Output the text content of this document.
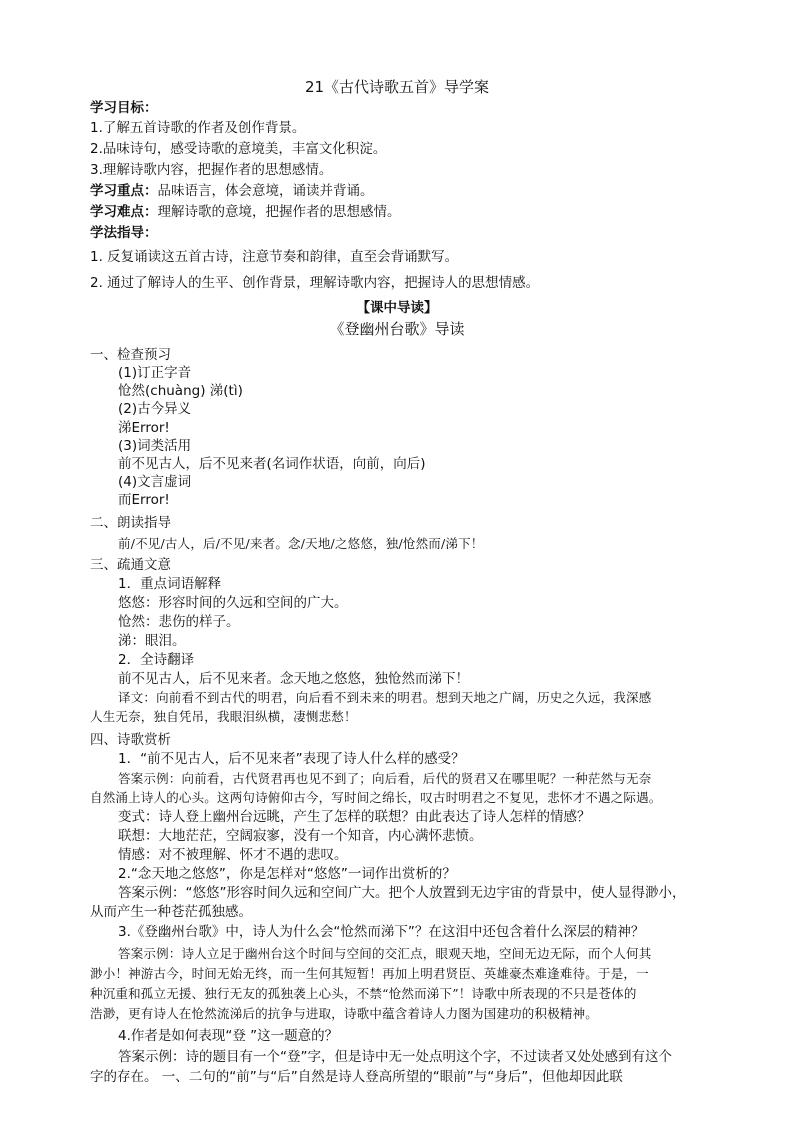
21《古代诗歌五首》导学案
学习目标：
1.了解五首诗歌的作者及创作背景。
2.品味诗句，感受诗歌的意境美，丰富文化积淀。
3.理解诗歌内容，把握作者的思想感情。
学习重点：品味语言，体会意境，诵读并背诵。
学习难点：理解诗歌的意境，把握作者的思想感情。
学法指导：
1. 反复诵读这五首古诗，注意节奏和韵律，直至会背诵默写。
2. 通过了解诗人的生平、创作背景，理解诗歌内容，把握诗人的思想情感。
【课中导读】
《登幽州台歌》导读
一、检查预习
(1)订正字音
怆然(chuàng) 涕(tì)
(2)古今异义
涕Error!
(3)词类活用
前不见古人，后不见来者(名词作状语，向前，向后)
(4)文言虚词
而Error!
二、朗读指导
前/不见/古人，后/不见/来者。念/天地/之悠悠，独/怆然而/涕下！
三、疏通文意
1．重点词语解释
悠悠：形容时间的久远和空间的广大。
怆然：悲伤的样子。
涕：眼泪。
2．全诗翻译
前不见古人，后不见来者。念天地之悠悠，独怆然而涕下！
译文：向前看不到古代的明君，向后看不到未来的明君。想到天地之广阔，历史之久远，我深感
人生无奈，独自凭吊，我眼泪纵横，凄恻悲愁！
四、诗歌赏析
1．“前不见古人，后不见来者”表现了诗人什么样的感受？
答案示例：向前看，古代贤君再也见不到了；向后看，后代的贤君又在哪里呢？一种茫然与无奈
自然涌上诗人的心头。这两句诗俯仰古今，写时间之绵长，叹古时明君之不复见，悲怀才不遇之际遇。
变式：诗人登上幽州台远眺，产生了怎样的联想？由此表达了诗人怎样的情感？
联想：大地茫茫，空阔寂寥，没有一个知音，内心满怀悲愤。
情感：对不被理解、怀才不遇的悲叹。
2.“念天地之悠悠”，你是怎样对“悠悠”一词作出赏析的？
答案示例：“悠悠”形容时间久远和空间广大。把个人放置到无边宇宙的背景中，使人显得渺小，
从而产生一种苍茫孤独感。
3.《登幽州台歌》中，诗人为什么会“怆然而涕下”？在这泪中还包含着什么深层的精神？
答案示例：诗人立足于幽州台这个时间与空间的交汇点，眼观天地，空间无边无际，而个人何其
渺小！神游古今，时间无始无终，而一生何其短暂！再加上明君贤臣、英雄豪杰难逢难待。于是，一
种沉重和孤立无援、独行无友的孤独袭上心头，不禁“怆然而涕下”！诗歌中所表现的不只是苍体的
浩渺，更有诗人在怆然流涕后的抗争与进取，诗歌中蕴含着诗人力图为国建功的积极精神。
4.作者是如何表现“登 ”这一题意的？
答案示例：诗的题目有一个“登”字，但是诗中无一处点明这个字，不过读者又处处感到有这个
字的存在。 一、二句的“前”与“后”自然是诗人登高所望的“眼前”与“身后”，但他却因此联
